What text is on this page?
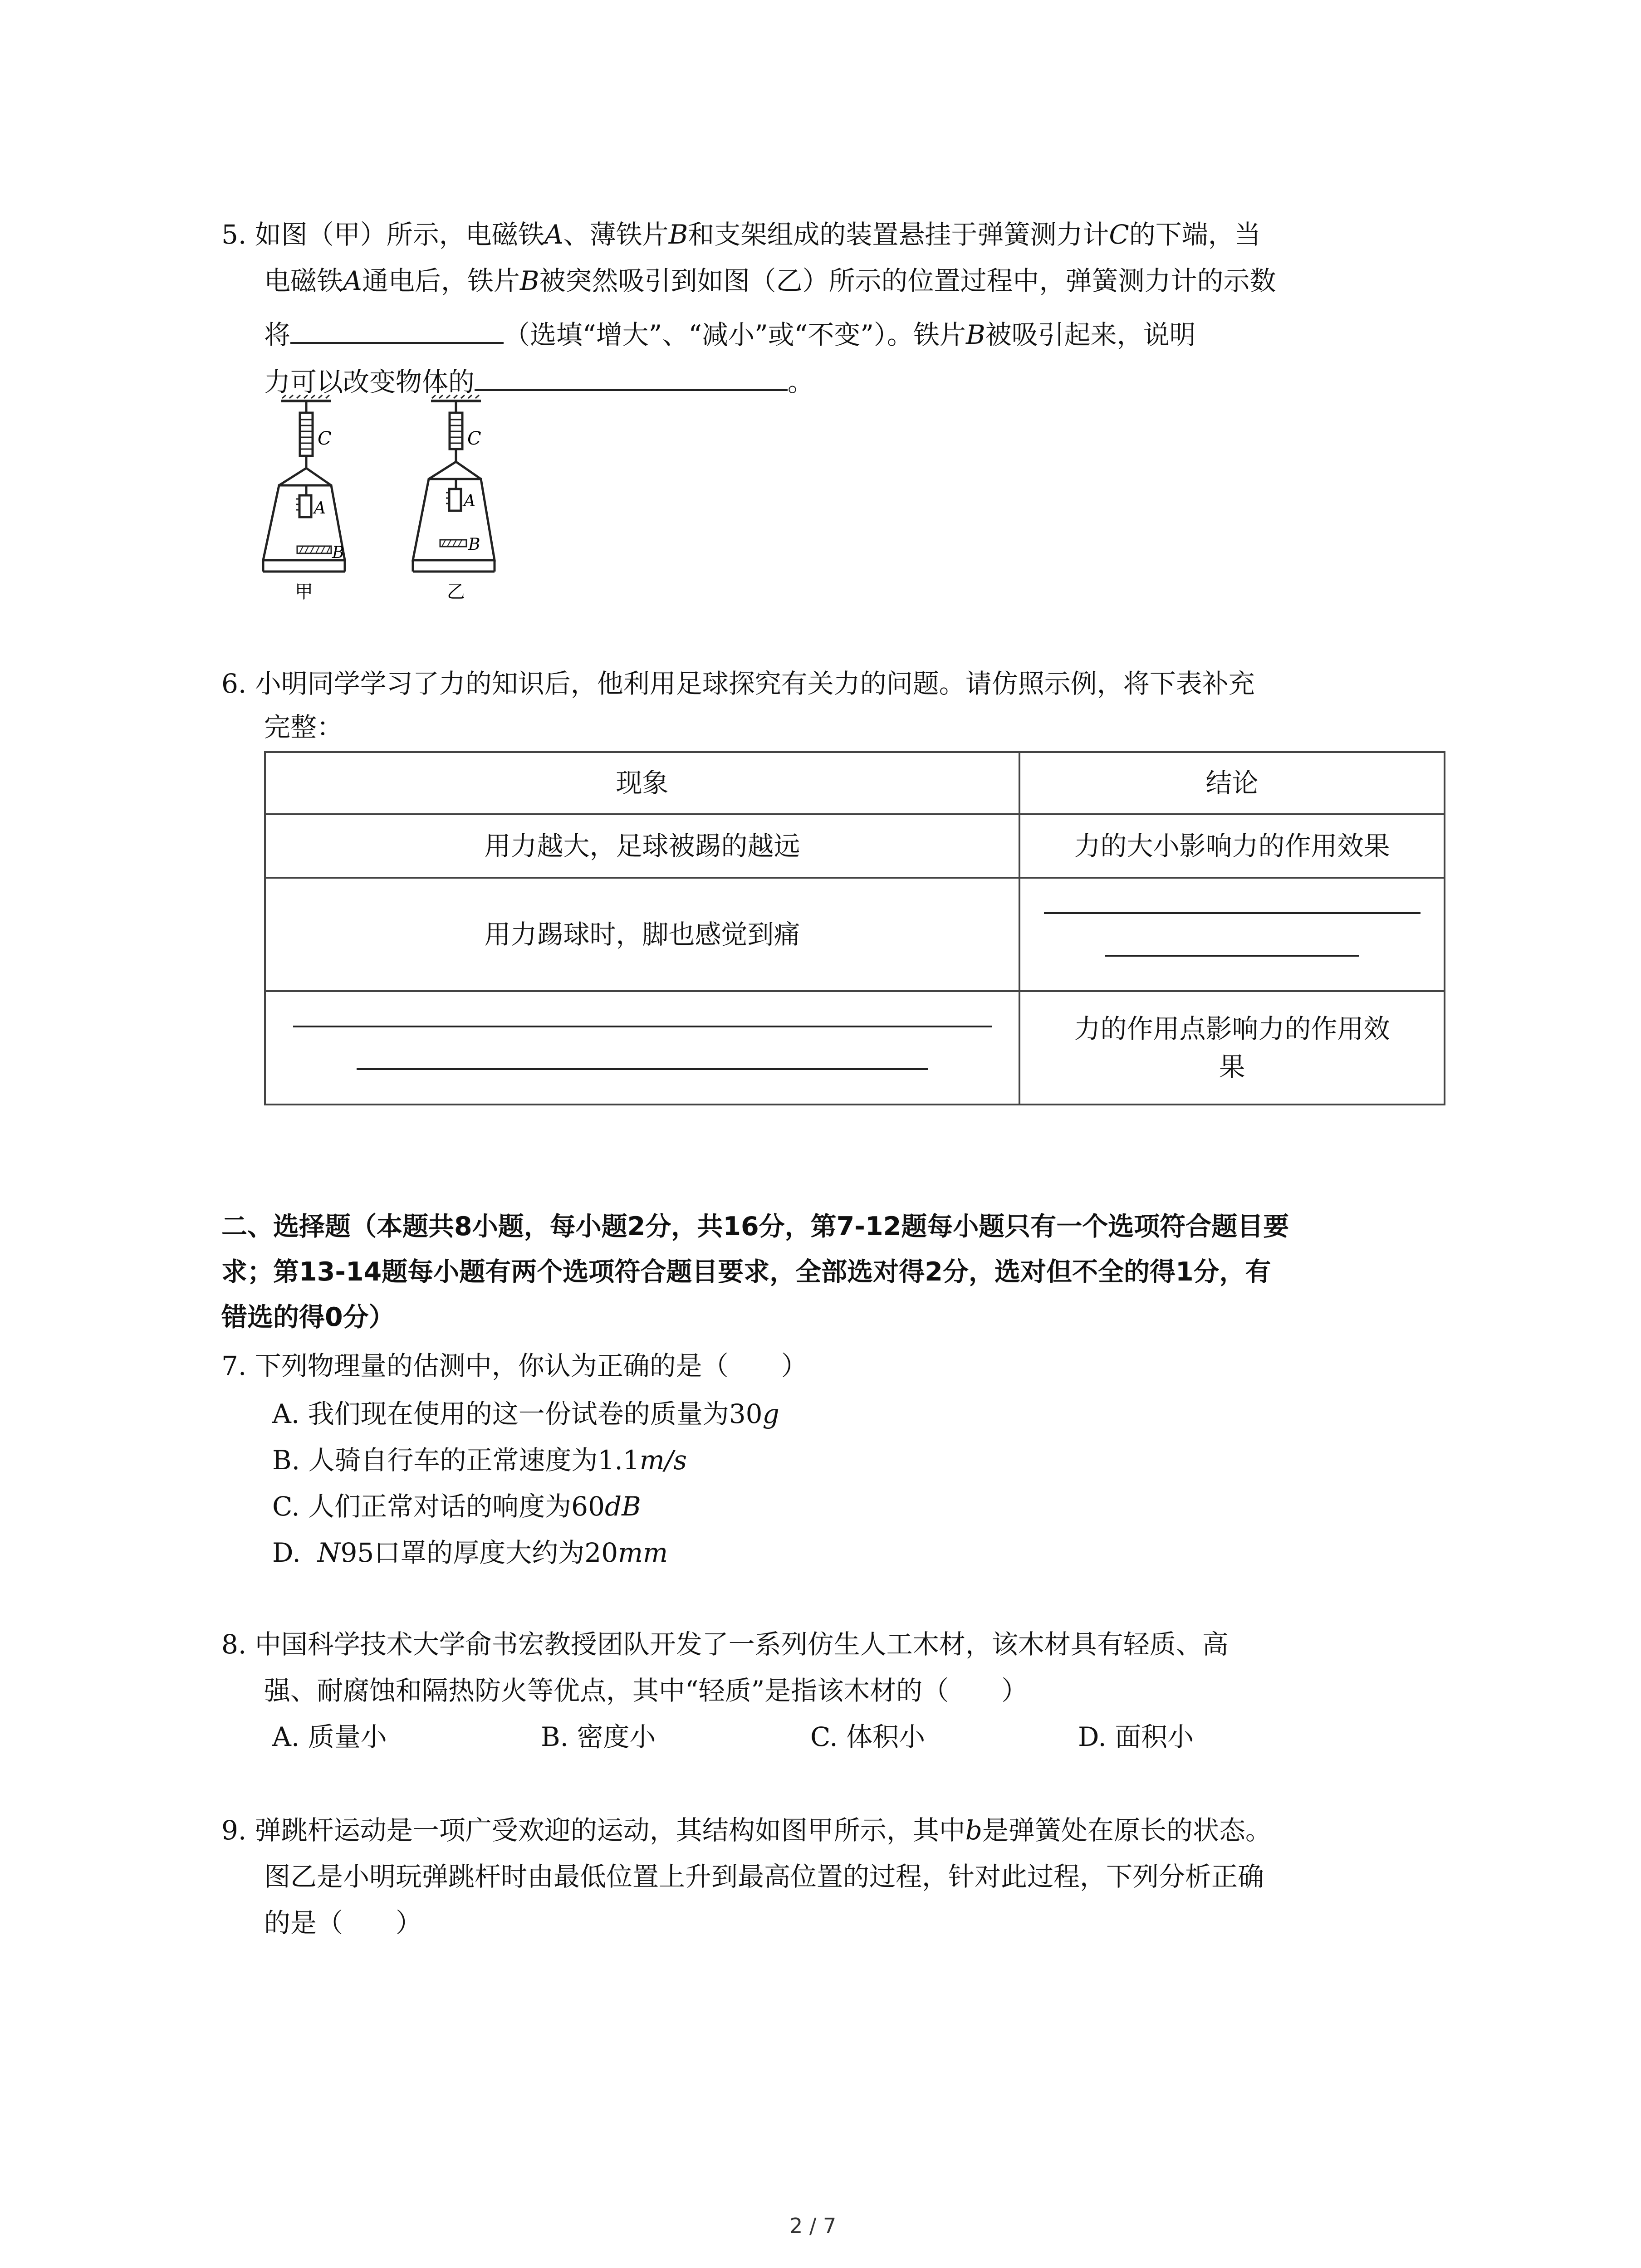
5. 如图（甲）所示，电磁铁A、薄铁片B和支架组成的装置悬挂于弹簧测力计C的下端，当
电磁铁A通电后，铁片B被突然吸引到如图（乙）所示的位置过程中，弹簧测力计的示数
将	（选填“增大”、“减小”或“不变”）。铁片B被吸引起来，说明
力可以改变物体的	。
C
A
B
C
A
B
甲	乙
6. 小明同学学习了力的知识后，他利用足球探究有关力的问题。请仿照示例，将下表补充
完整：
现象	结论
用力越大，足球被踢的越远	力的大小影响力的作用效果
用力踢球时，脚也感觉到痛	

	力的作用点影响力的作用效
果
二、选择题（本题共8小题，每小题2分，共16分，第7-12题每小题只有一个选项符合题目要
求；第13-14题每小题有两个选项符合题目要求，全部选对得2分，选对但不全的得1分，有
错选的得0分）
7. 下列物理量的估测中，你认为正确的是（　　）
A. 我们现在使用的这一份试卷的质量为30g
B. 人骑自行车的正常速度为1.1m/s
C. 人们正常对话的响度为60dB
D.  N95口罩的厚度大约为20mm
8. 中国科学技术大学俞书宏教授团队开发了一系列仿生人工木材，该木材具有轻质、高
强、耐腐蚀和隔热防火等优点，其中“轻质”是指该木材的（　　）
A. 质量小	B. 密度小	C. 体积小	D. 面积小
9. 弹跳杆运动是一项广受欢迎的运动，其结构如图甲所示，其中b是弹簧处在原长的状态。
图乙是小明玩弹跳杆时由最低位置上升到最高位置的过程，针对此过程，下列分析正确
的是（　　）
2 / 7
